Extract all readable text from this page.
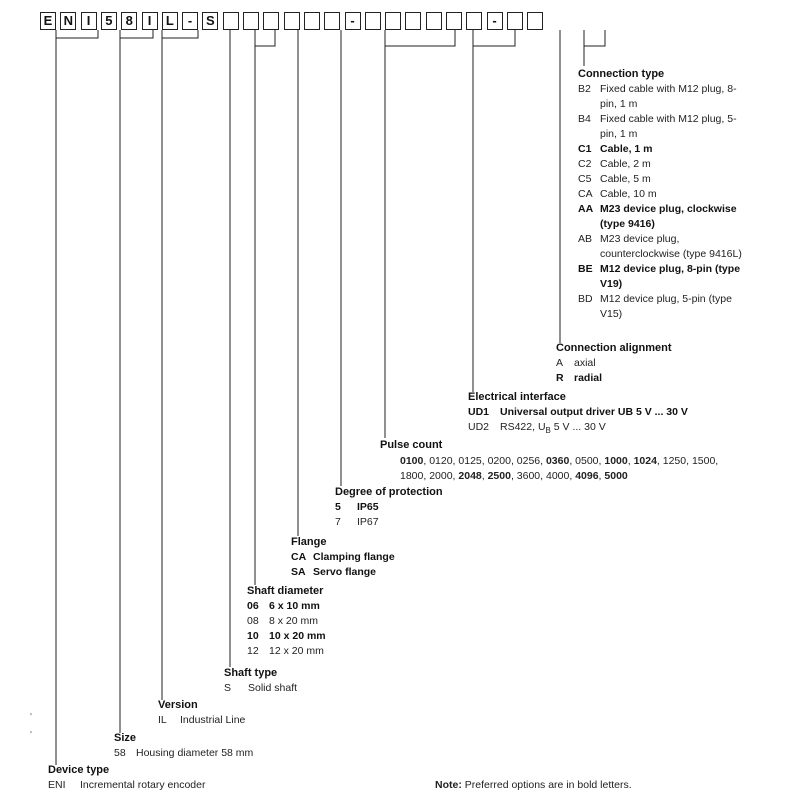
E N	I	5	8	I	L	-	S	-	-
Connection type
B2 Fixed cable with M12 plug, 8-pin, 1 m
B4 Fixed cable with M12 plug, 5-pin, 1 m
C1 Cable, 1 m
C2 Cable, 2 m
C5 Cable, 5 m
CA Cable, 10 m
AA M23 device plug, clockwise (type 9416)
AB M23 device plug, counterclockwise (type 9416L)
BE M12 device plug, 8-pin (type V19)
BD M12 device plug, 5-pin (type V15)
Connection alignment
A	axial
R radial
Electrical interface
UD1	Universal output driver UB 5 V ... 30 V
UD2	RS422, $U_B$ 5 V ... 30 V
Pulse count
0100, 0120, 0125, 0200, 0256, 0360, 0500, 1000, 1024, 1250, 1500,
1800, 2000, 2048, 2500, 3600, 4000, 4096, 5000
Degree of protection
5	IP65
7	IP67
Flange
CA Clamping flange
SA Servo flange
Shaft diameter
06 6 x 10 mm
08 8 x 20 mm
10 10 x 20 mm
12 12 x 20 mm
Shaft type
S	Solid shaft
Version
IL	Industrial Line
Size
58 Housing diameter 58 mm
Device type
ENI	Incremental rotary encoder	Note: Preferred options are in bold letters.
'
'
